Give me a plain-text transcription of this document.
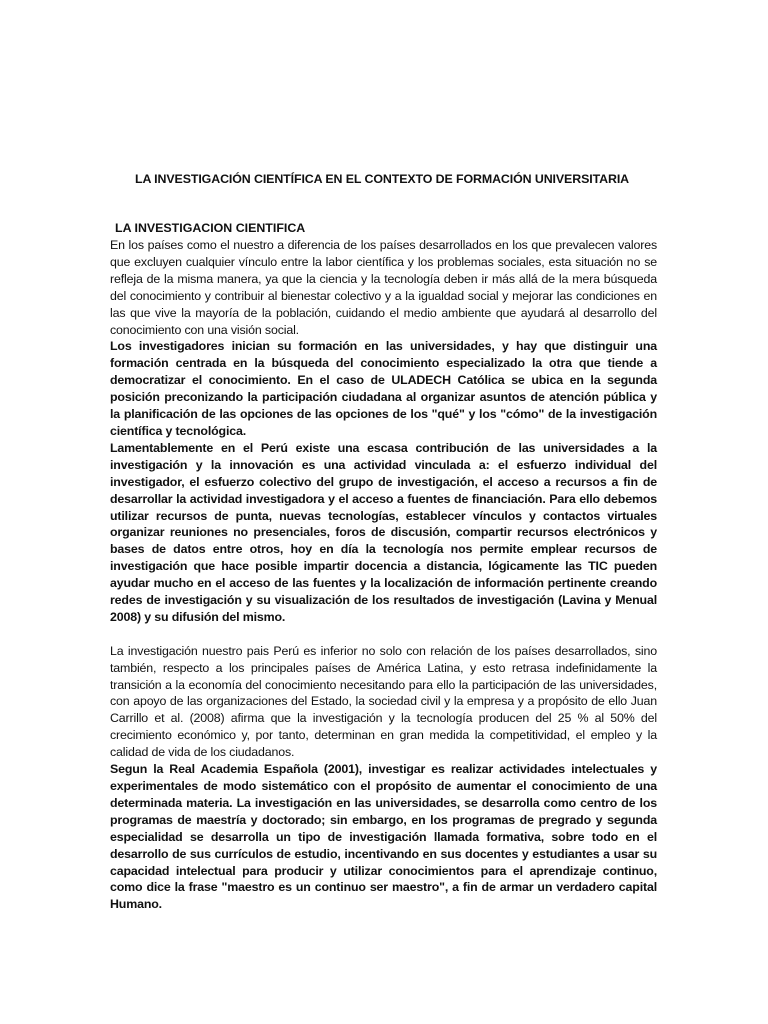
LA INVESTIGACIÓN CIENTÍFICA EN EL CONTEXTO DE FORMACIÓN UNIVERSITARIA
LA INVESTIGACION CIENTIFICA

En los países como el nuestro a diferencia de los países desarrollados en los que prevalecen valores que excluyen cualquier vínculo entre la labor científica y los problemas sociales, esta situación no se refleja de la misma manera, ya que la ciencia y la tecnología deben ir más allá de la mera búsqueda del conocimiento y contribuir al bienestar colectivo y a la igualdad social y mejorar las condiciones en las que vive la mayoría de la población, cuidando el medio ambiente que ayudará al desarrollo del conocimiento con una visión social.

Los investigadores inician su formación en las universidades, y hay que distinguir una formación centrada en la búsqueda del conocimiento especializado la otra que tiende a democratizar el conocimiento. En el caso de ULADECH Católica se ubica en la segunda posición preconizando la participación ciudadana al organizar asuntos de atención pública y la planificación de las opciones de las opciones de los "qué" y los "cómo" de la investigación científica y tecnológica.

Lamentablemente en el Perú existe una escasa contribución de las universidades a la investigación y la innovación es una actividad vinculada a: el esfuerzo individual del investigador, el esfuerzo colectivo del grupo de investigación, el acceso a recursos a fin de desarrollar la actividad investigadora y el acceso a fuentes de financiación. Para ello debemos utilizar recursos de punta, nuevas tecnologías, establecer vínculos y contactos virtuales organizar reuniones no presenciales, foros de discusión, compartir recursos electrónicos y bases de datos entre otros, hoy en día la tecnología nos permite emplear recursos de investigación que hace posible impartir docencia a distancia, lógicamente las TIC pueden ayudar mucho en el acceso de las fuentes y la localización de información pertinente creando redes de investigación y su visualización de los resultados de investigación (Lavina y Menual 2008) y su difusión del mismo.

La investigación nuestro pais Perú es inferior no solo con relación de los países desarrollados, sino también, respecto a los principales países de América Latina, y esto retrasa indefinidamente la transición a la economía del conocimiento necesitando para ello la participación de las universidades, con apoyo de las organizaciones del Estado, la sociedad civil y la empresa y a propósito de ello Juan Carrillo et al. (2008) afirma que la investigación y la tecnología producen del 25 % al 50% del crecimiento económico y, por tanto, determinan en gran medida la competitividad, el empleo y la calidad de vida de los ciudadanos.

Segun la Real Academia Española (2001), investigar es realizar actividades intelectuales y experimentales de modo sistemático con el propósito de aumentar el conocimiento de una determinada materia. La investigación en las universidades, se desarrolla como centro de los programas de maestría y doctorado; sin embargo, en los programas de pregrado y segunda especialidad se desarrolla un tipo de investigación llamada formativa, sobre todo en el desarrollo de sus currículos de estudio, incentivando en sus docentes y estudiantes a usar su capacidad intelectual para producir y utilizar conocimientos para el aprendizaje continuo, como dice la frase "maestro es un continuo ser maestro", a fin de armar un verdadero capital Humano.
